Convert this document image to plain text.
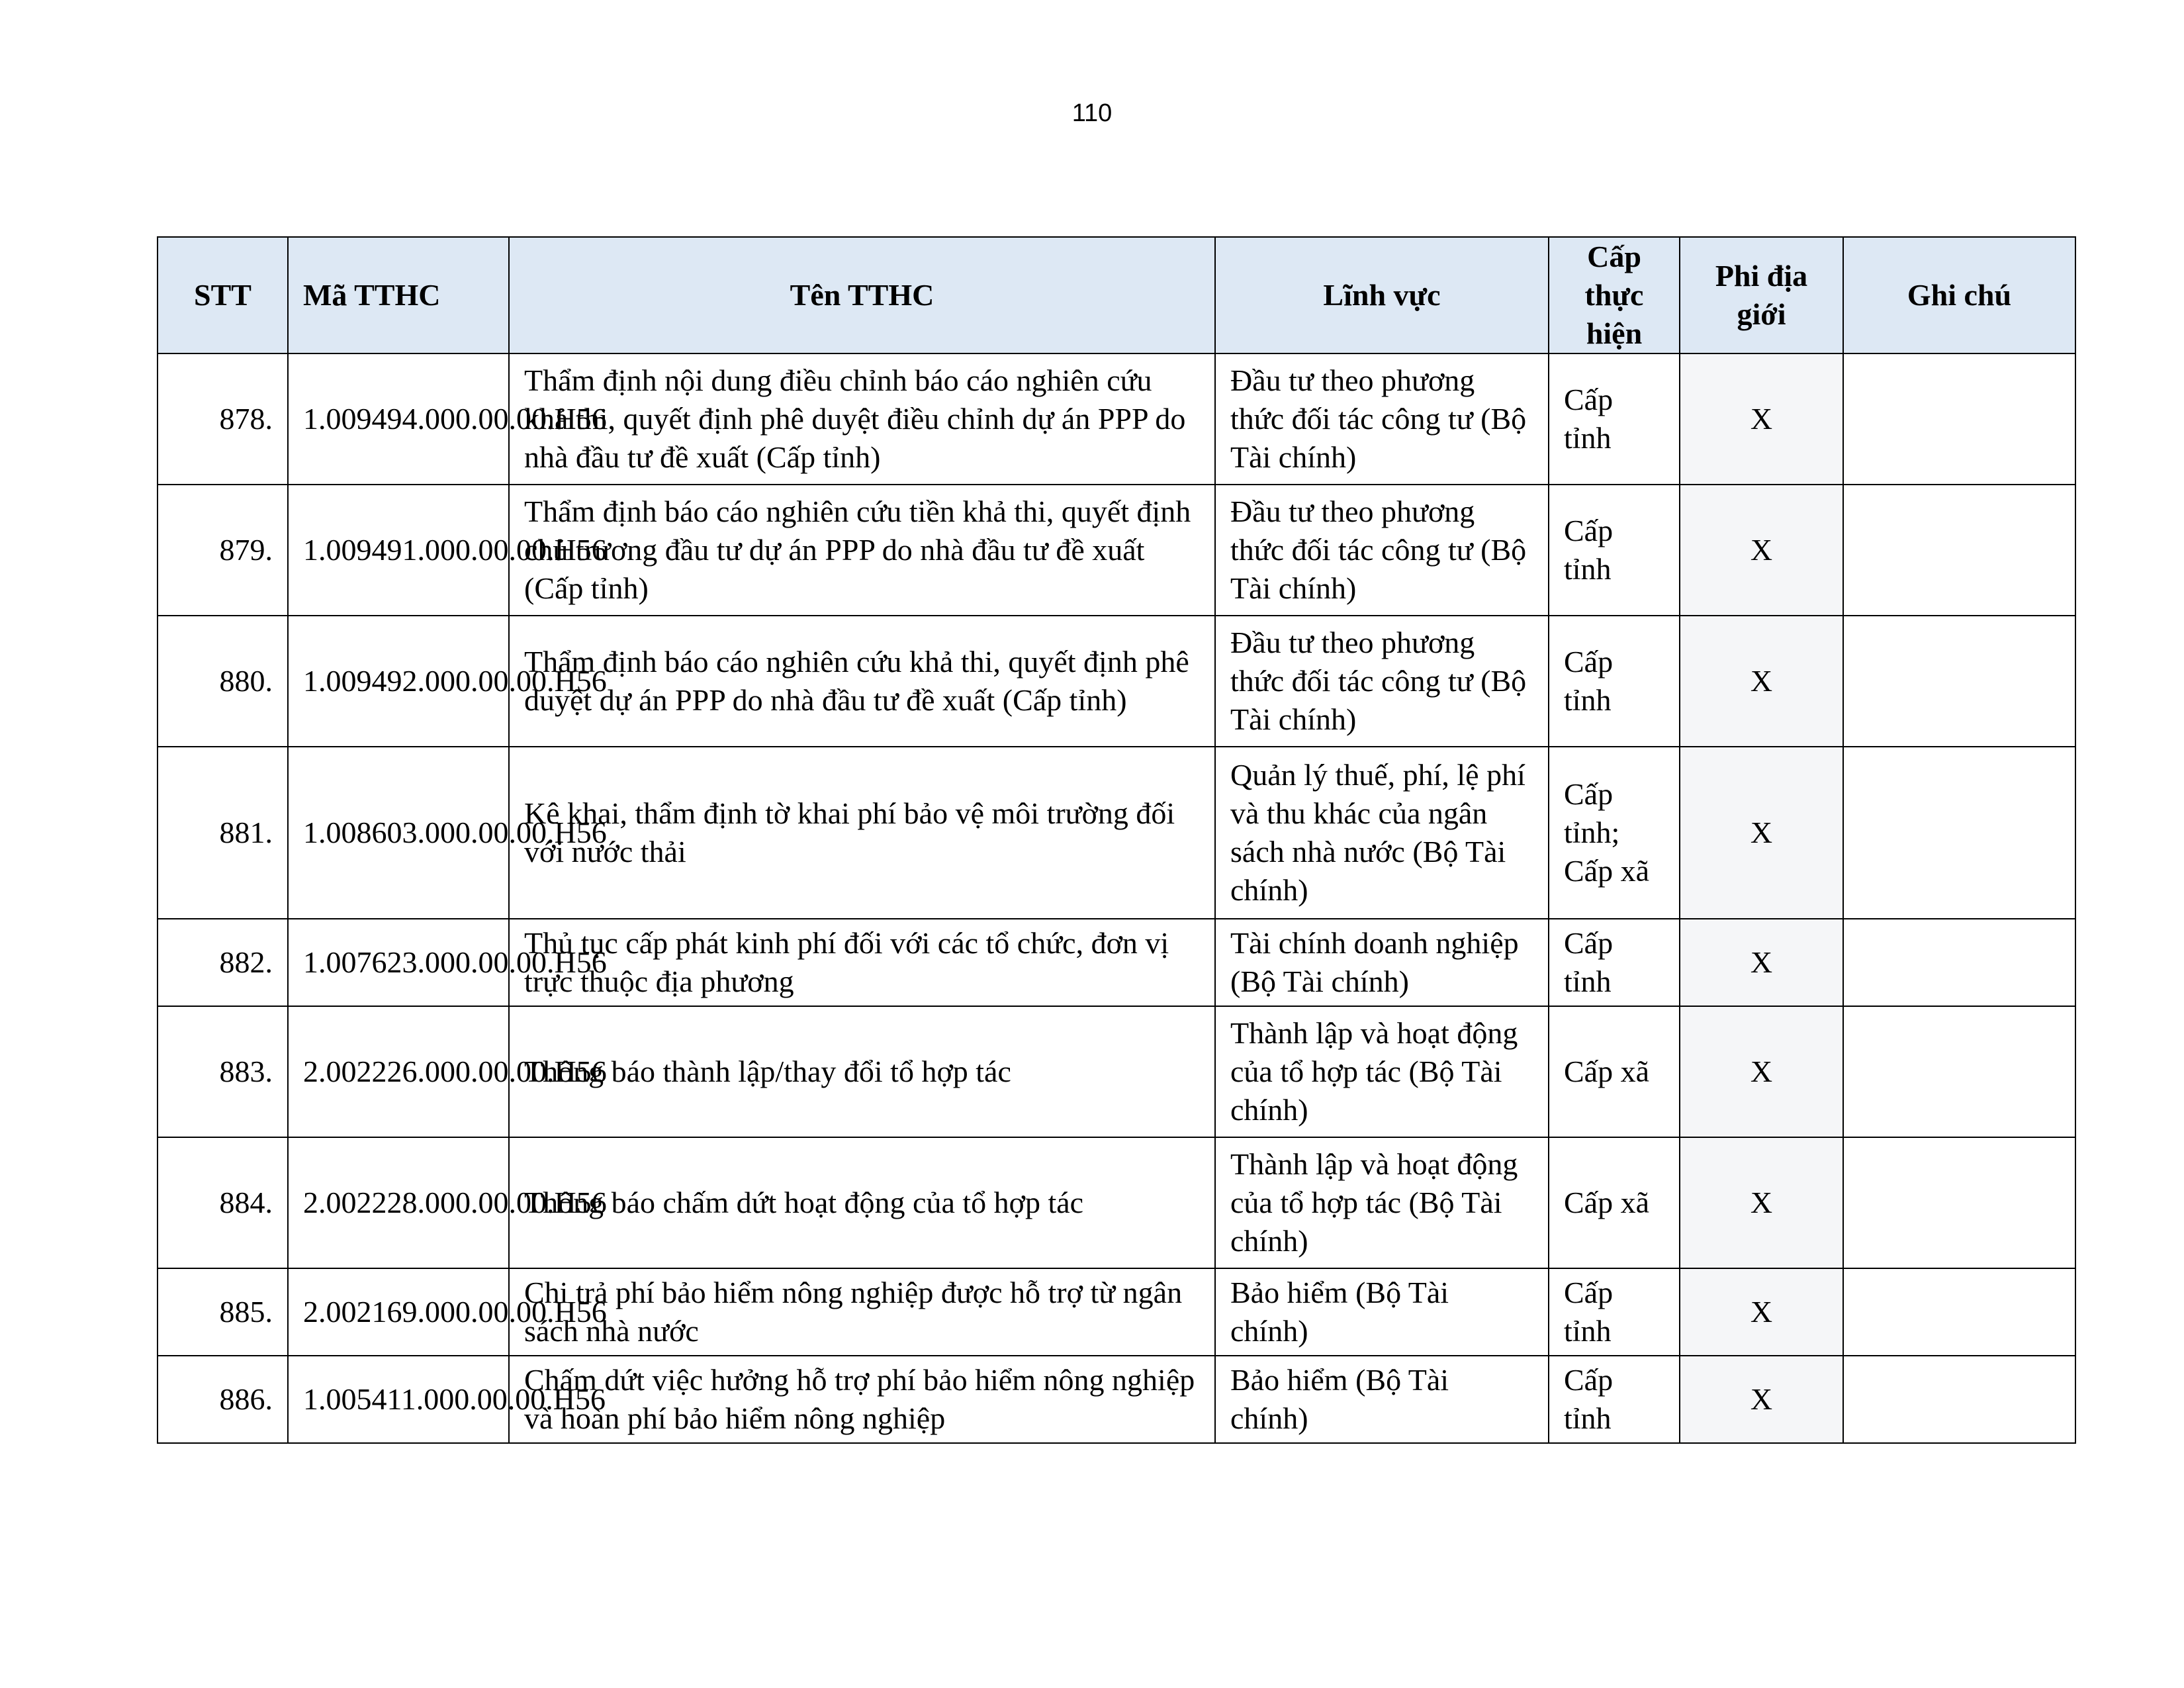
110
STT	Mã TTHC	Tên TTHC	Lĩnh vực	Cấp thực hiện	Phi địa giới	Ghi chú
878.	1.009494.000.00.00.H56	Thẩm định nội dung điều chỉnh báo cáo nghiên cứu khả thi, quyết định phê duyệt điều chỉnh dự án PPP do nhà đầu tư đề xuất (Cấp tỉnh)	Đầu tư theo phương thức đối tác công tư (Bộ Tài chính)	Cấp tỉnh	X	
879.	1.009491.000.00.00.H56	Thẩm định báo cáo nghiên cứu tiền khả thi, quyết định chủ trương đầu tư dự án PPP do nhà đầu tư đề xuất (Cấp tỉnh)	Đầu tư theo phương thức đối tác công tư (Bộ Tài chính)	Cấp tỉnh	X	
880.	1.009492.000.00.00.H56	Thẩm định báo cáo nghiên cứu khả thi, quyết định phê duyệt dự án PPP do nhà đầu tư đề xuất (Cấp tỉnh)	Đầu tư theo phương thức đối tác công tư (Bộ Tài chính)	Cấp tỉnh	X	
881.	1.008603.000.00.00.H56	Kê khai, thẩm định tờ khai phí bảo vệ môi trường đối với nước thải	Quản lý thuế, phí, lệ phí và thu khác của ngân sách nhà nước (Bộ Tài chính)	Cấp tỉnh; Cấp xã	X	
882.	1.007623.000.00.00.H56	Thủ tục cấp phát kinh phí đối với các tổ chức, đơn vị trực thuộc địa phương	Tài chính doanh nghiệp (Bộ Tài chính)	Cấp tỉnh	X	
883.	2.002226.000.00.00.H56	Thông báo thành lập/thay đổi tổ hợp tác	Thành lập và hoạt động của tổ hợp tác (Bộ Tài chính)	Cấp xã	X	
884.	2.002228.000.00.00.H56	Thông báo chấm dứt hoạt động của tổ hợp tác	Thành lập và hoạt động của tổ hợp tác (Bộ Tài chính)	Cấp xã	X	
885.	2.002169.000.00.00.H56	Chi trả phí bảo hiểm nông nghiệp được hỗ trợ từ ngân sách nhà nước	Bảo hiểm (Bộ Tài chính)	Cấp tỉnh	X	
886.	1.005411.000.00.00.H56	Chấm dứt việc hưởng hỗ trợ phí bảo hiểm nông nghiệp và hoàn phí bảo hiểm nông nghiệp	Bảo hiểm (Bộ Tài chính)	Cấp tỉnh	X	
